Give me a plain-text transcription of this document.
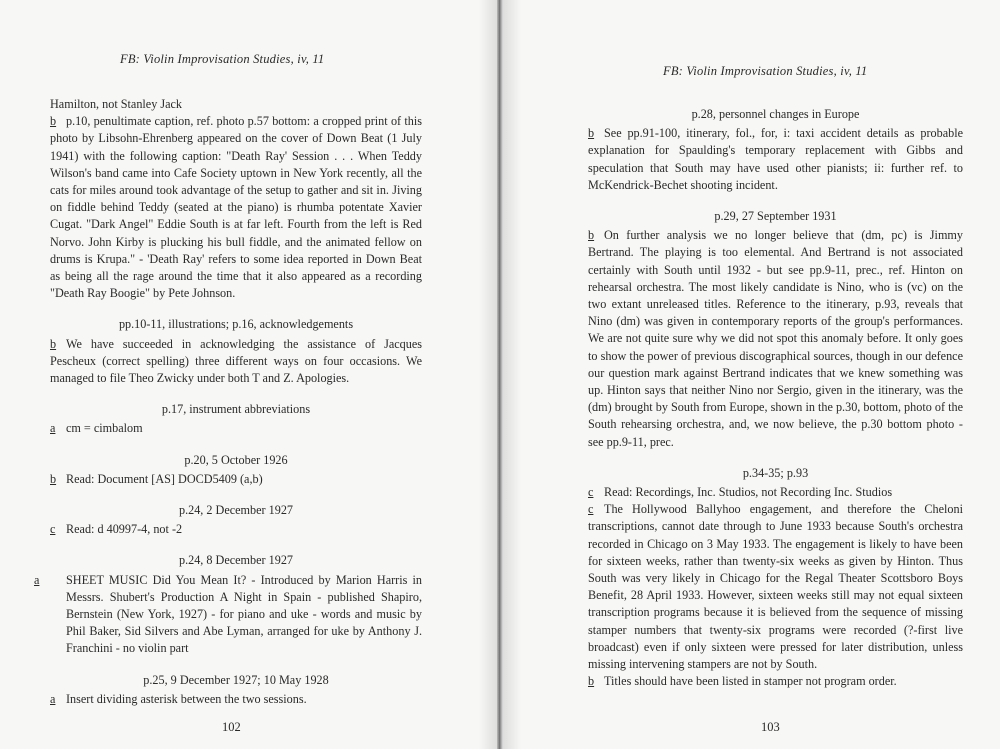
FB: Violin Improvisation Studies, iv, 11
Hamilton, not Stanley Jack
b p.10, penultimate caption, ref. photo p.57 bottom: a cropped print of this photo by Libsohn-Ehrenberg appeared on the cover of Down Beat (1 July 1941) with the following caption: "Death Ray' Session . . . When Teddy Wilson's band came into Cafe Society uptown in New York recently, all the cats for miles around took advantage of the setup to gather and sit in. Jiving on fiddle behind Teddy (seated at the piano) is rhumba potentate Xavier Cugat. "Dark Angel" Eddie South is at far left. Fourth from the left is Red Norvo. John Kirby is plucking his bull fiddle, and the animated fellow on drums is Krupa." - 'Death Ray' refers to some idea reported in Down Beat as being all the rage around the time that it also appeared as a recording "Death Ray Boogie" by Pete Johnson.
pp.10-11, illustrations; p.16, acknowledgements
b We have succeeded in acknowledging the assistance of Jacques Pescheux (correct spelling) three different ways on four occasions. We managed to file Theo Zwicky under both T and Z. Apologies.
p.17, instrument abbreviations
a cm = cimbalom
p.20, 5 October 1926
b Read: Document [AS] DOCD5409 (a,b)
p.24, 2 December 1927
c Read: d 40997-4, not -2
p.24, 8 December 1927
a SHEET MUSIC Did You Mean It? - Introduced by Marion Harris in Messrs. Shubert's Production A Night in Spain - published Shapiro, Bernstein (New York, 1927) - for piano and uke - words and music by Phil Baker, Sid Silvers and Abe Lyman, arranged for uke by Anthony J. Franchini - no violin part
p.25, 9 December 1927; 10 May 1928
a Insert dividing asterisk between the two sessions.
102
FB: Violin Improvisation Studies, iv, 11
p.28, personnel changes in Europe
b See pp.91-100, itinerary, fol., for, i: taxi accident details as probable explanation for Spaulding's temporary replacement with Gibbs and speculation that South may have used other pianists; ii: further ref. to McKendrick-Bechet shooting incident.
p.29, 27 September 1931
b On further analysis we no longer believe that (dm, pc) is Jimmy Bertrand. The playing is too elemental. And Bertrand is not associated certainly with South until 1932 - but see pp.9-11, prec., ref. Hinton on rehearsal orchestra. The most likely candidate is Nino, who is (vc) on the two extant unreleased titles. Reference to the itinerary, p.93, reveals that Nino (dm) was given in contemporary reports of the group's performances. We are not quite sure why we did not spot this anomaly before. It only goes to show the power of previous discographical sources, though in our defence our question mark against Bertrand indicates that we knew something was up. Hinton says that neither Nino nor Sergio, given in the itinerary, was the (dm) brought by South from Europe, shown in the p.30, bottom, photo of the South rehearsing orchestra, and, we now believe, the p.30 bottom photo - see pp.9-11, prec.
p.34-35; p.93
c Read: Recordings, Inc. Studios, not Recording Inc. Studios
c The Hollywood Ballyhoo engagement, and therefore the Cheloni transcriptions, cannot date through to June 1933 because South's orchestra recorded in Chicago on 3 May 1933. The engagement is likely to have been for sixteen weeks, rather than twenty-six weeks as given by Hinton. Thus South was very likely in Chicago for the Regal Theater Scottsboro Boys Benefit, 28 April 1933. However, sixteen weeks still may not equal sixteen transcription programs because it is believed from the sequence of missing stamper numbers that twenty-six programs were recorded (?-first live broadcast) even if only sixteen were pressed for later distribution, unless missing intervening stampers are not by South.
b Titles should have been listed in stamper not program order.
103
